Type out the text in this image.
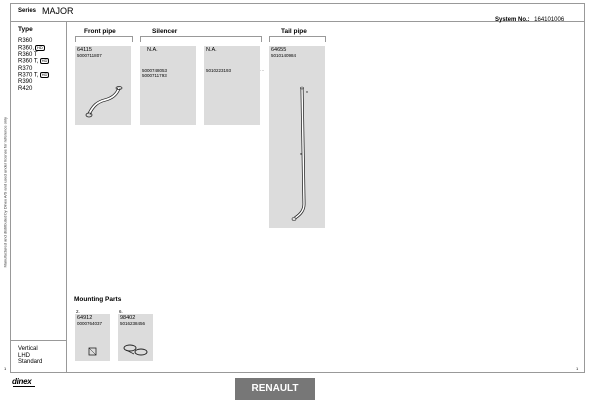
Manufactured and distributed by Dinex A/S and used under license for reference only
Series MAJOR
System No.: 164101006
Type
R360
R360, HD
R360 T
R360 T, HD
R370
R370 T, HD
R390
R420
Vertical
LHD
Standard
Front pipe	Silencer	Tail pipe
64115
5000711807
N.A.
5000748053
5000711793
N.A.
5010223193	…
64655
5010140984
Mounting Parts
2.
64912
0000764037
6.
98402
5016238456
1	1
dinex
RENAULT
